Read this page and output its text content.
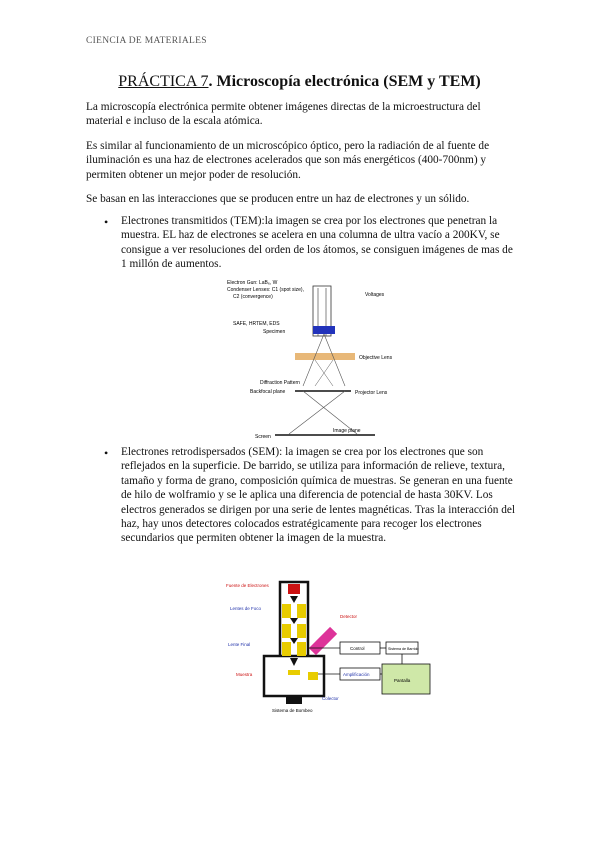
CIENCIA DE MATERIALES
PRÁCTICA 7. Microscopía electrónica (SEM y TEM)

La microscopía electrónica permite obtener imágenes directas de la microestructura del material e incluso de la escala atómica.

Es similar al funcionamiento de un microscópico óptico, pero la radiación de al fuente de iluminación es una haz de electrones acelerados que son más energéticos (400-700nm) y permiten obtener un mejor poder de resolución.

Se basan en las interacciones que se producen entre un haz de electrones y un sólido.

• Electrones transmitidos (TEM):la imagen se crea por los electrones que penetran la muestra. EL haz de electrones se acelera en una columna de ultra vacío a 200KV, se consigue a ver resoluciones del orden de los átomos, se consiguen imágenes de mas de 1 millón de aumentos.

Electron Gun: LaB₆, W
Condenser Lenses: C1 (spot size),
C2 (convergence)	Voltages
SAFE, HRTEM, EDS
Specimen
Objective Lens
Diffraction Pattern
Backfocal plane	Projector Lens
Screen
Image plane
• Electrones retrodispersados (SEM): la imagen se crea por los electrones que son reflejados en la superficie. De barrido, se utiliza para información de relieve, textura, tamaño y forma de grano, composición química de muestras. Se generan en una fuente de hilo de wolframio y se le aplica una diferencia de potencial de hasta 30KV. Los electros generados se dirigen por una serie de lentes magnéticas. Tras la interacción del haz, hay unos detectores colocados estratégicamente para recoger los electrones secundarios que permiten obtener la imagen de la muestra.

Fuente de Electrones
Lentes de Foco
Lente Final
Muestra
Sistema de Bombeo
Detector
Colector
Control	Sistema de Barrido
Amplificación
Pantalla
